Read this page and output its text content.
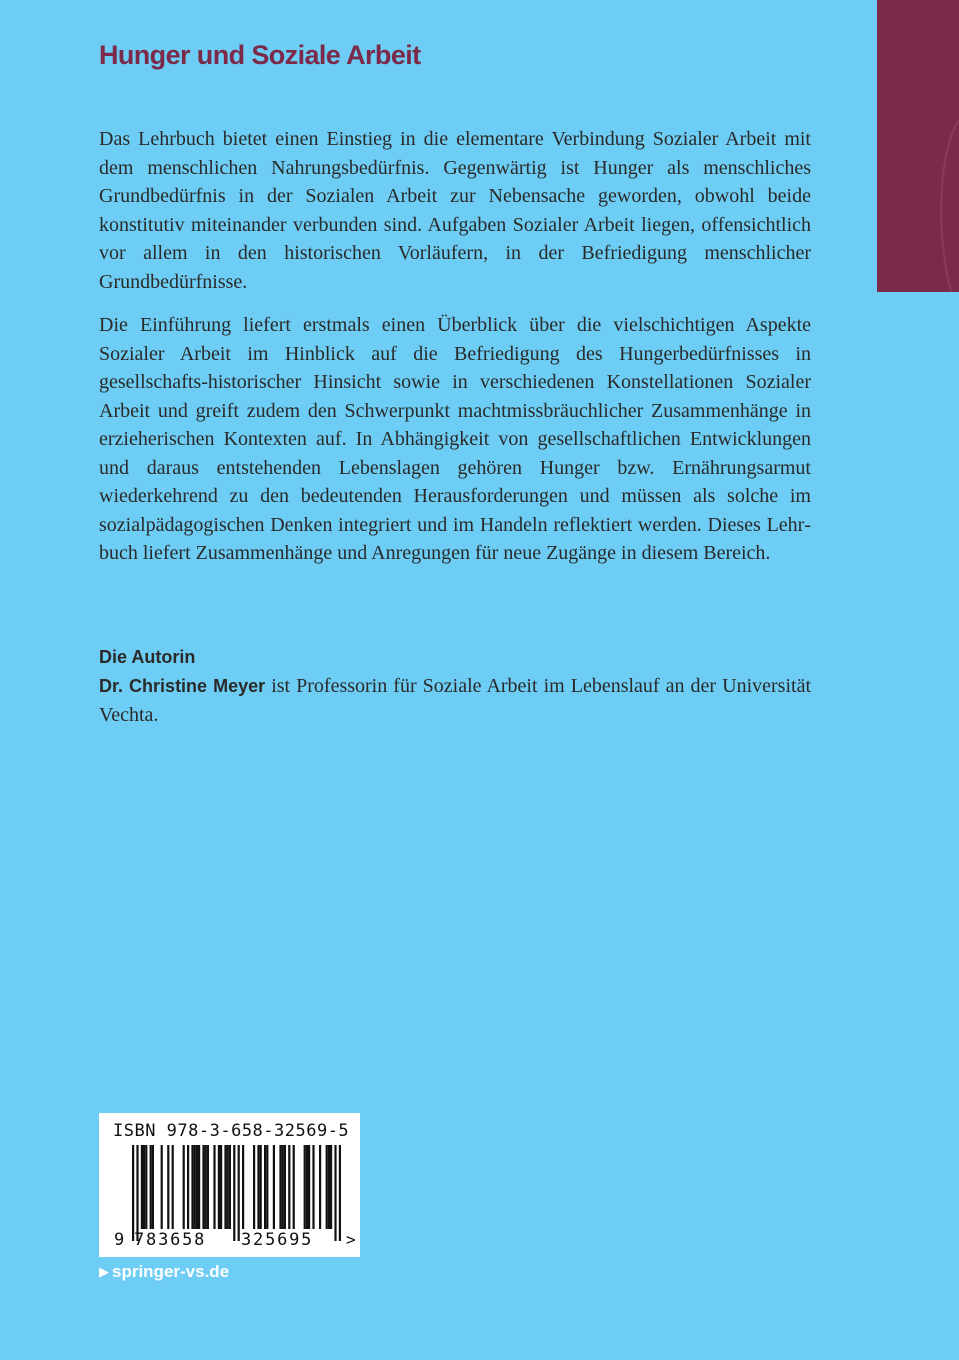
Hunger und Soziale Arbeit
Das Lehrbuch bietet einen Einstieg in die elementare Verbindung Sozialer Arbeit mit dem menschlichen Nahrungsbedürfnis. Gegenwärtig ist Hunger als menschliches Grundbedürfnis in der Sozialen Arbeit zur Nebensache geworden, obwohl beide konstitutiv miteinander verbunden sind. Aufgaben Sozialer Arbeit liegen, offensichtlich vor allem in den historischen Vorläufern, in der Befriedigung menschlicher Grundbedürfnisse.
Die Einführung liefert erstmals einen Überblick über die vielschichtigen Aspekte Sozialer Arbeit im Hinblick auf die Befriedigung des Hungerbedürfnisses in gesellschafts-historischer Hinsicht sowie in verschiedenen Konstellationen Sozialer Arbeit und greift zudem den Schwerpunkt machtmissbräuchlicher Zusammenhänge in erzieherischen Kontexten auf. In Abhängigkeit von gesellschaftlichen Entwicklungen und daraus entstehenden Lebenslagen gehören Hunger bzw. Ernährungsarmut wiederkehrend zu den bedeutenden Herausforderungen und müssen als solche im sozialpädagogischen Denken integriert und im Handeln reflektiert werden. Dieses Lehrbuch liefert Zusammenhänge und Anregungen für neue Zugänge in diesem Bereich.
Die Autorin
Dr. Christine Meyer ist Professorin für Soziale Arbeit im Lebenslauf an der Universität Vechta.
ISBN 978-3-658-32569-5
9 783658 325695 >
▶ springer-vs.de
